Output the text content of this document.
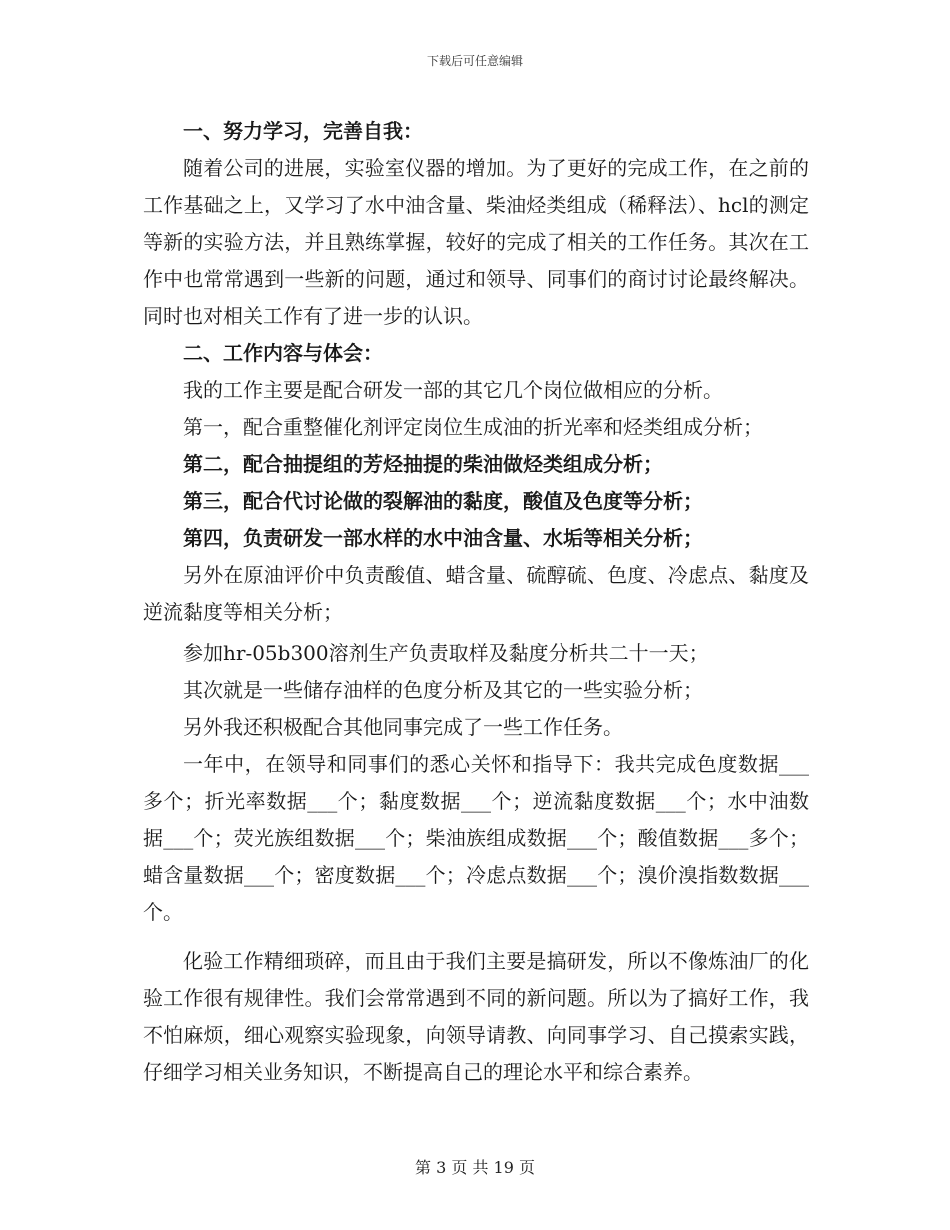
下载后可任意编辑

一、努力学习，完善自我：

随着公司的进展，实验室仪器的增加。为了更好的完成工作，在之前的工作基础之上，又学习了水中油含量、柴油烃类组成（稀释法）、hcl的测定等新的实验方法，并且熟练掌握，较好的完成了相关的工作任务。其次在工作中也常常遇到一些新的问题，通过和领导、同事们的商讨讨论最终解决。同时也对相关工作有了进一步的认识。

二、工作内容与体会：

我的工作主要是配合研发一部的其它几个岗位做相应的分析。

第一，配合重整催化剂评定岗位生成油的折光率和烃类组成分析；

第二，配合抽提组的芳烃抽提的柴油做烃类组成分析；

第三，配合代讨论做的裂解油的黏度，酸值及色度等分析；

第四，负责研发一部水样的水中油含量、水垢等相关分析；

另外在原油评价中负责酸值、蜡含量、硫醇硫、色度、冷虑点、黏度及逆流黏度等相关分析；

参加hr-05b300溶剂生产负责取样及黏度分析共二十一天；

其次就是一些储存油样的色度分析及其它的一些实验分析；

另外我还积极配合其他同事完成了一些工作任务。

一年中，在领导和同事们的悉心关怀和指导下：我共完成色度数据___多个；折光率数据___个；黏度数据___个；逆流黏度数据___个；水中油数据___个；荧光族组数据___个；柴油族组成数据___个；酸值数据___多个；蜡含量数据___个；密度数据___个；冷虑点数据___个；溴价溴指数数据___个。

化验工作精细琐碎，而且由于我们主要是搞研发，所以不像炼油厂的化验工作很有规律性。我们会常常遇到不同的新问题。所以为了搞好工作，我不怕麻烦，细心观察实验现象，向领导请教、向同事学习、自己摸索实践，仔细学习相关业务知识，不断提高自己的理论水平和综合素养。

第 3 页 共 19 页
